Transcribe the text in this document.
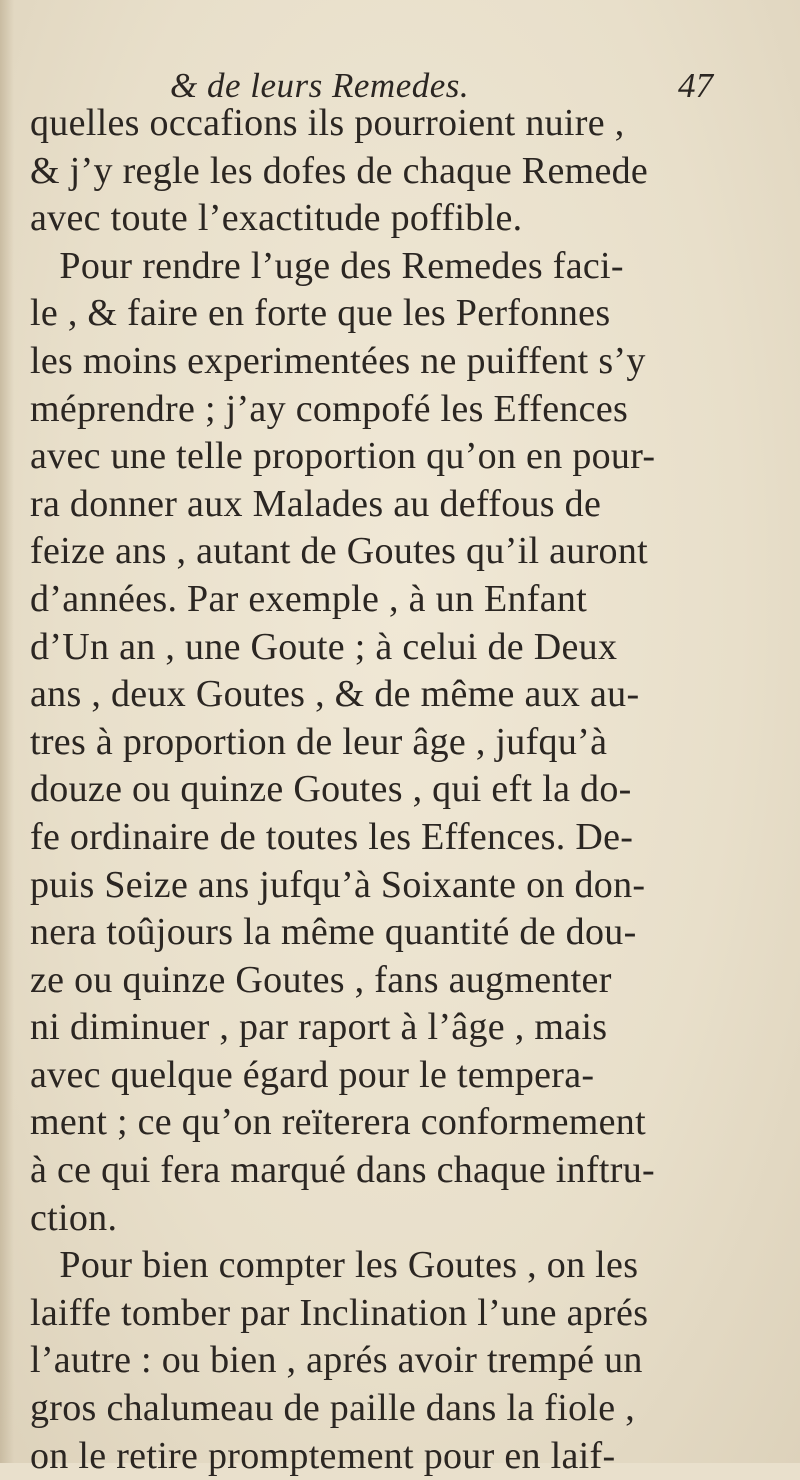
& de leurs Remedes.	47
quelles occafions ils pourroient nuire ,
& j’y regle les dofes de chaque Remede
avec toute l’exactitude poffible.
Pour rendre l’uge des Remedes faci-
le , & faire en forte que les Perfonnes
les moins experimentées ne puiffent s’y
méprendre ; j’ay compofé les Effences
avec une telle proportion qu’on en pour-
ra donner aux Malades au deffous de
feize ans , autant de Goutes qu’il auront
d’années. Par exemple , à un Enfant
d’Un an , une Goute ; à celui de Deux
ans , deux Goutes , & de même aux au-
tres à proportion de leur âge , jufqu’à
douze ou quinze Goutes , qui eft la do-
fe ordinaire de toutes les Effences. De-
puis Seize ans jufqu’à Soixante on don-
nera toûjours la même quantité de dou-
ze ou quinze Goutes , fans augmenter
ni diminuer , par raport à l’âge , mais
avec quelque égard pour le tempera-
ment ; ce qu’on reïterera conformement
à ce qui fera marqué dans chaque inftru-
ction.
Pour bien compter les Goutes , on les
laiffe tomber par Inclination l’une aprés
l’autre : ou bien , aprés avoir trempé un
gros chalumeau de paille dans la fiole ,
on le retire promptement pour en laif-
